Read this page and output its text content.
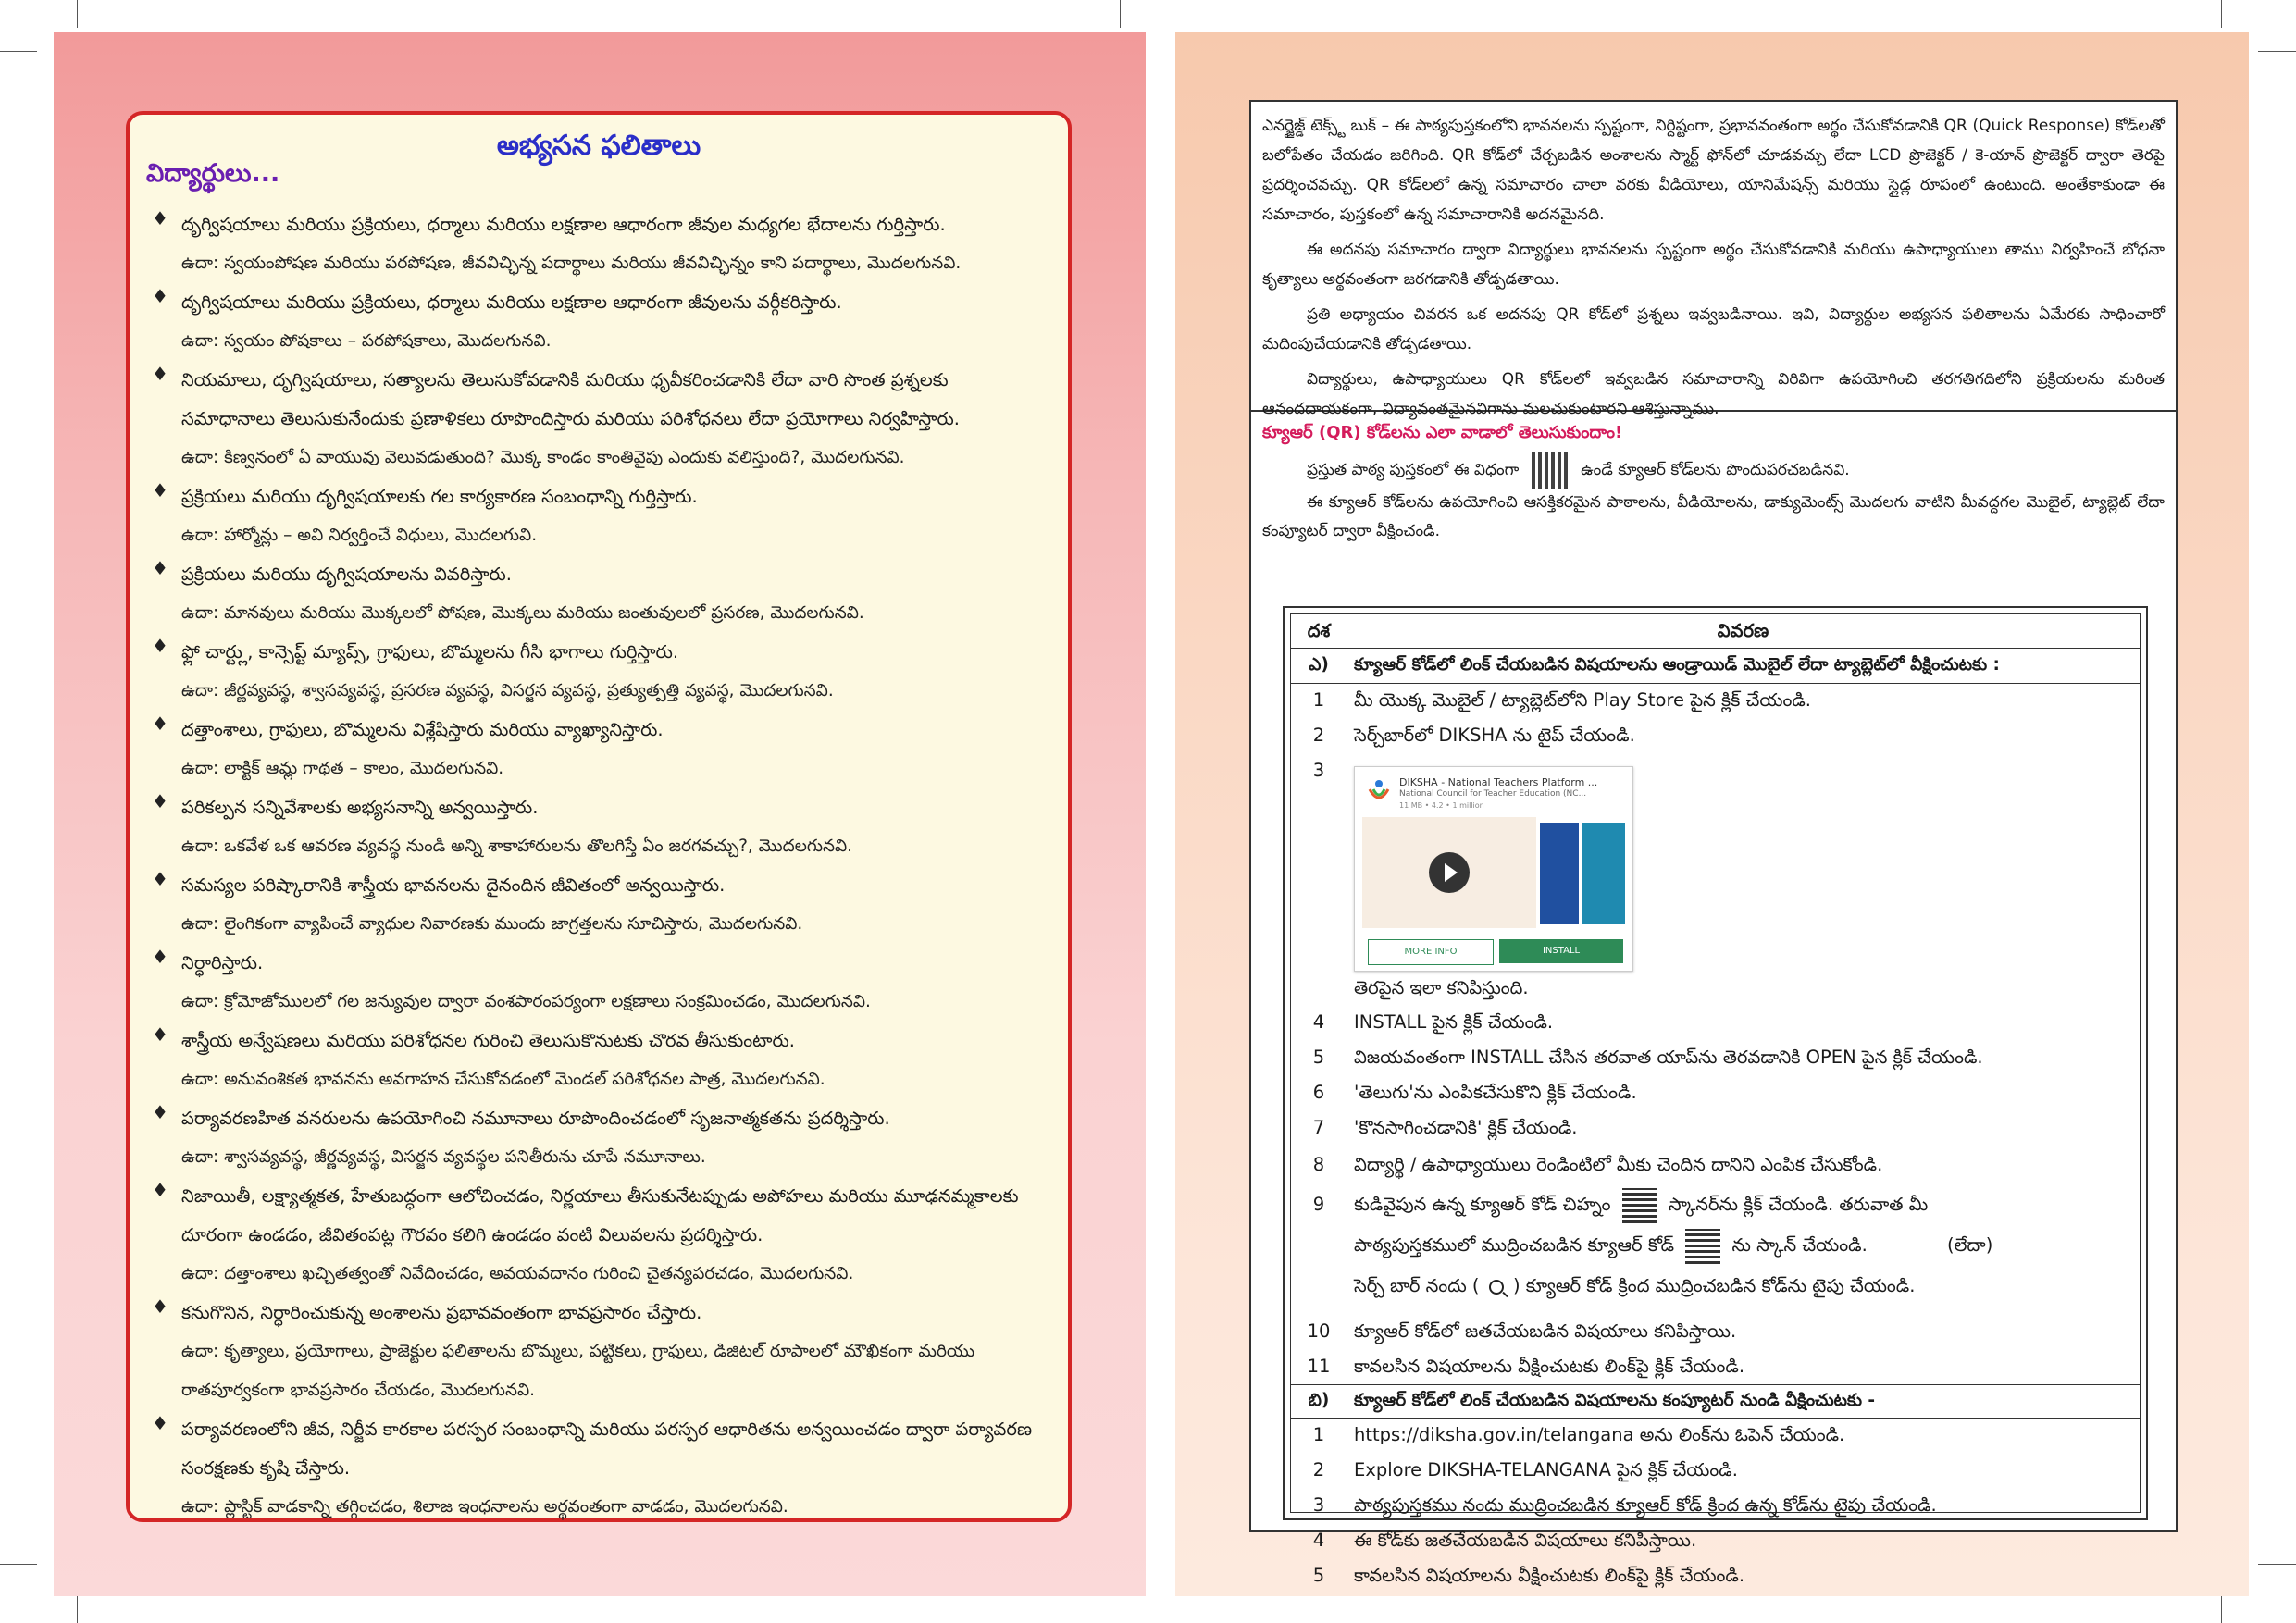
అభ్యసన ఫలితాలు
విద్యార్థులు...
♦ దృగ్విషయాలు మరియు ప్రక్రియలు, ధర్మాలు మరియు లక్షణాల ఆధారంగా జీవుల మధ్యగల భేదాలను గుర్తిస్తారు.
ఉదా: స్వయంపోషణ మరియు పరపోషణ, జీవవిచ్ఛిన్న పదార్థాలు మరియు జీవవిచ్ఛిన్నం కాని పదార్థాలు, మొదలగునవి.
♦ దృగ్విషయాలు మరియు ప్రక్రియలు, ధర్మాలు మరియు లక్షణాల ఆధారంగా జీవులను వర్గీకరిస్తారు.
ఉదా: స్వయం పోషకాలు – పరపోషకాలు, మొదలగునవి.
♦ నియమాలు, దృగ్విషయాలు, సత్యాలను తెలుసుకోవడానికి మరియు ధృవీకరించడానికి లేదా వారి సొంత ప్రశ్నలకు సమాధానాలు తెలుసుకునేందుకు ప్రణాళికలు రూపొందిస్తారు మరియు పరిశోధనలు లేదా ప్రయోగాలు నిర్వహిస్తారు.
ఉదా: కిణ్వనంలో ఏ వాయువు వెలువడుతుంది? మొక్క కాండం కాంతివైపు ఎందుకు వలిస్తుంది?, మొదలగునవి.
♦ ప్రక్రియలు మరియు దృగ్విషయాలకు గల కార్యకారణ సంబంధాన్ని గుర్తిస్తారు.
ఉదా: హార్మోన్లు – అవి నిర్వర్తించే విధులు, మొదలగువి.
♦ ప్రక్రియలు మరియు దృగ్విషయాలను వివరిస్తారు.
ఉదా: మానవులు మరియు మొక్కలలో పోషణ, మొక్కలు మరియు జంతువులలో ప్రసరణ, మొదలగునవి.
♦ ఫ్లో చార్ట్లు, కాన్సెప్ట్ మ్యాప్స్, గ్రాఫులు, బొమ్మలను గీసి భాగాలు గుర్తిస్తారు.
ఉదా: జీర్ణవ్యవస్థ, శ్వాసవ్యవస్థ, ప్రసరణ వ్యవస్థ, విసర్జన వ్యవస్థ, ప్రత్యుత్పత్తి వ్యవస్థ, మొదలగునవి.
♦ దత్తాంశాలు, గ్రాఫులు, బొమ్మలను విశ్లేషిస్తారు మరియు వ్యాఖ్యానిస్తారు.
ఉదా: లాక్టిక్ ఆమ్ల గాథత – కాలం, మొదలగునవి.
♦ పరికల్పన సన్నివేశాలకు అభ్యసనాన్ని అన్వయిస్తారు.
ఉదా: ఒకవేళ ఒక ఆవరణ వ్యవస్థ నుండి అన్ని శాకాహారులను తొలగిస్తే ఏం జరగవచ్చు?, మొదలగునవి.
♦ సమస్యల పరిష్కారానికి శాస్త్రీయ భావనలను దైనందిన జీవితంలో అన్వయిస్తారు.
ఉదా: లైంగికంగా వ్యాపించే వ్యాధుల నివారణకు ముందు జాగ్రత్తలను సూచిస్తారు, మొదలగునవి.
♦ నిర్ధారిస్తారు.
ఉదా: క్రోమోజోములలో గల జన్యువుల ద్వారా వంశపారంపర్యంగా లక్షణాలు సంక్రమించడం, మొదలగునవి.
♦ శాస్త్రీయ అన్వేషణలు మరియు పరిశోధనల గురించి తెలుసుకొనుటకు చొరవ తీసుకుంటారు.
ఉదా: అనువంశికత భావనను అవగాహన చేసుకోవడంలో మెండల్ పరిశోధనల పాత్ర, మొదలగునవి.
♦ పర్యావరణహిత వనరులను ఉపయోగించి నమూనాలు రూపొందించడంలో సృజనాత్మకతను ప్రదర్శిస్తారు.
ఉదా: శ్వాసవ్యవస్థ, జీర్ణవ్యవస్థ, విసర్జన వ్యవస్థల పనితీరును చూపే నమూనాలు.
♦ నిజాయితీ, లక్ష్యాత్మకత, హేతుబద్ధంగా ఆలోచించడం, నిర్ణయాలు తీసుకునేటప్పుడు అపోహలు మరియు మూఢనమ్మకాలకు దూరంగా ఉండడం, జీవితంపట్ల గౌరవం కలిగి ఉండడం వంటి విలువలను ప్రదర్శిస్తారు.
ఉదా: దత్తాంశాలు ఖచ్చితత్వంతో నివేదించడం, అవయవదానం గురించి చైతన్యపరచడం, మొదలగునవి.
♦ కనుగొనిన, నిర్ధారించుకున్న అంశాలను ప్రభావవంతంగా భావప్రసారం చేస్తారు.
ఉదా: కృత్యాలు, ప్రయోగాలు, ప్రాజెక్టుల ఫలితాలను బొమ్మలు, పట్టికలు, గ్రాఫులు, డిజిటల్ రూపాలలో మౌఖికంగా మరియు రాతపూర్వకంగా భావప్రసారం చేయడం, మొదలగునవి.
♦ పర్యావరణంలోని జీవ, నిర్జీవ కారకాల పరస్పర సంబంధాన్ని మరియు పరస్పర ఆధారితను అన్వయించడం ద్వారా పర్యావరణ సంరక్షణకు కృషి చేస్తారు.
ఉదా: ప్లాస్టిక్ వాడకాన్ని తగ్గించడం, శిలాజ ఇంధనాలను అర్థవంతంగా వాడడం, మొదలగునవి.

ఎనర్జైజ్డ్ టెక్స్ట్ బుక్ – ఈ పాఠ్యపుస్తకంలోని భావనలను స్పష్టంగా, నిర్దిష్టంగా, ప్రభావవంతంగా అర్థం చేసుకోవడానికి QR (Quick Response) కోడ్‌లతో బలోపేతం చేయడం జరిగింది. QR కోడ్‌లో చేర్చబడిన అంశాలను స్మార్ట్ ఫోన్‌లో చూడవచ్చు లేదా LCD ప్రొజెక్టర్ / కె-యాన్ ప్రొజెక్టర్ ద్వారా తెరపై ప్రదర్శించవచ్చు. QR కోడ్‌లలో ఉన్న సమాచారం చాలా వరకు వీడియోలు, యానిమేషన్స్ మరియు స్లైడ్ల రూపంలో ఉంటుంది. అంతేకాకుండా ఈ సమాచారం, పుస్తకంలో ఉన్న సమాచారానికి అదనమైనది.

ఈ అదనపు సమాచారం ద్వారా విద్యార్థులు భావనలను స్పష్టంగా అర్థం చేసుకోవడానికి మరియు ఉపాధ్యాయులు తాము నిర్వహించే బోధనా కృత్యాలు అర్థవంతంగా జరగడానికి తోడ్పడతాయి.

ప్రతి అధ్యాయం చివరన ఒక అదనపు QR కోడ్‌లో ప్రశ్నలు ఇవ్వబడినాయి. ఇవి, విద్యార్థుల అభ్యసన ఫలితాలను ఏమేరకు సాధించారో మదింపుచేయడానికి తోడ్పడతాయి.

విద్యార్థులు, ఉపాధ్యాయులు QR కోడ్‌లలో ఇవ్వబడిన సమాచారాన్ని విరివిగా ఉపయోగించి తరగతిగదిలోని ప్రక్రియలను మరింత ఆనందదాయకంగా, విద్యావంతమైనవిగాను మలచుకుంటారని ఆశిస్తున్నాము.

క్యూఆర్ (QR) కోడ్‌లను ఎలా వాడాలో తెలుసుకుందాం!
ప్రస్తుత పాఠ్య పుస్తకంలో ఈ విధంగా	ఉండే క్యూఆర్ కోడ్‌లను పొందుపరచబడినవి.
ఈ క్యూఆర్ కోడ్‌లను ఉపయోగించి ఆసక్తికరమైన పాఠాలను, వీడియోలను, డాక్యుమెంట్స్ మొదలగు వాటిని మీవద్దగల మొబైల్, ట్యాబ్లెట్ లేదా కంప్యూటర్ ద్వారా వీక్షించండి.
దశ	వివరణ
ఎ)	క్యూఆర్ కోడ్‌లో లింక్ చేయబడిన విషయాలను ఆండ్రాయిడ్ మొబైల్ లేదా ట్యాబ్లెట్‌లో వీక్షించుటకు :
1	మీ యొక్క మొబైల్ / ట్యాబ్లెట్‌లోని Play Store పైన క్లిక్ చేయండి.
2	సెర్చ్‌బార్‌లో DIKSHA ను టైప్ చేయండి.
3
DIKSHA - National Teachers Platform ...
National Council for Teacher Education (NC...
11 MB • 4.2 • 1 million
MORE INFO	INSTALL
తెరపైన ఇలా కనిపిస్తుంది.
4	INSTALL పైన క్లిక్ చేయండి.
5	విజయవంతంగా INSTALL చేసిన తరవాత యాప్‌ను తెరవడానికి OPEN పైన క్లిక్ చేయండి.
6	'తెలుగు'ను ఎంపికచేసుకొని క్లిక్ చేయండి.
7	'కొనసాగించడానికి' క్లిక్ చేయండి.
8	విద్యార్థి / ఉపాధ్యాయులు రెండింటిలో మీకు చెందిన దానిని ఎంపిక చేసుకోండి.
9	కుడివైపున ఉన్న క్యూఆర్ కోడ్ చిహ్నం	స్కానర్‌ను క్లిక్ చేయండి. తరువాత మీ
పాఠ్యపుస్తకములో ముద్రించబడిన క్యూఆర్ కోడ్	ను స్కాన్ చేయండి.	(లేదా)
సెర్చ్ బార్ నందు ( ) క్యూఆర్ కోడ్ క్రింద ముద్రించబడిన కోడ్‌ను టైపు చేయండి.
10	క్యూఆర్ కోడ్‌లో జతచేయబడిన విషయాలు కనిపిస్తాయి.
11	కావలసిన విషయాలను వీక్షించుటకు లింక్‌పై క్లిక్ చేయండి.
బి)	క్యూఆర్ కోడ్‌లో లింక్ చేయబడిన విషయాలను కంప్యూటర్ నుండి వీక్షించుటకు -
1	https://diksha.gov.in/telangana అను లింక్‌ను ఓపెన్ చేయండి.
2	Explore DIKSHA-TELANGANA పైన క్లిక్ చేయండి.
3	పాఠ్యపుస్తకము నందు ముద్రించబడిన క్యూఆర్ కోడ్ క్రింద ఉన్న కోడ్‌ను టైపు చేయండి.
4	ఈ కోడ్‌కు జతచేయబడిన విషయాలు కనిపిస్తాయి.
5	కావలసిన విషయాలను వీక్షించుటకు లింక్‌పై క్లిక్ చేయండి.
